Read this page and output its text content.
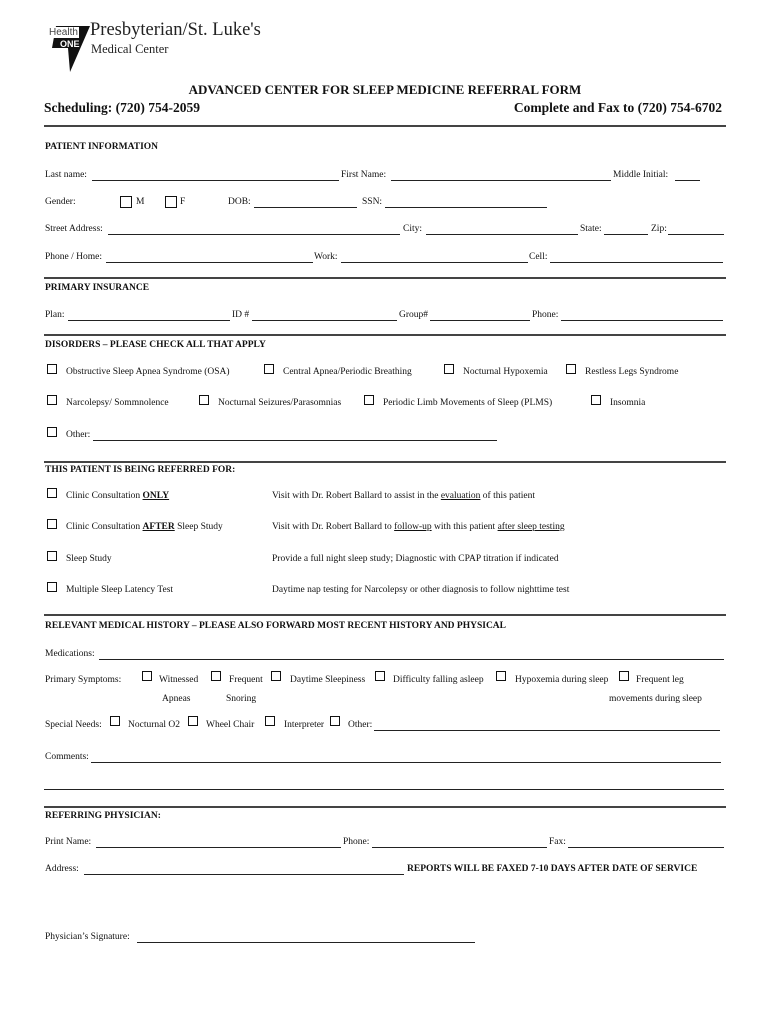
Health
ONE
Presbyterian/St. Luke's
Medical Center
ADVANCED CENTER FOR SLEEP MEDICINE REFERRAL FORM
Scheduling: (720) 754-2059	Complete and Fax to (720) 754-6702
PATIENT INFORMATION
Last name:	First Name:	Middle Initial:
Gender:	M	F	DOB:	SSN:
Street Address:	City:	State:	Zip:
Phone / Home:	Work:	Cell:
PRIMARY INSURANCE
Plan:	ID #	Group#	Phone:
DISORDERS – PLEASE CHECK ALL THAT APPLY
Obstructive Sleep Apnea Syndrome (OSA)	Central Apnea/Periodic Breathing	Nocturnal Hypoxemia	Restless Legs Syndrome
Narcolepsy/ Sommnolence	Nocturnal Seizures/Parasomnias	Periodic Limb Movements of Sleep (PLMS)	Insomnia
Other:
THIS PATIENT IS BEING REFERRED FOR:
Clinic Consultation ONLY	Visit with Dr. Robert Ballard to assist in the evaluation of this patient
Clinic Consultation AFTER Sleep Study	Visit with Dr. Robert Ballard to follow-up with this patient after sleep testing
Sleep Study	Provide a full night sleep study; Diagnostic with CPAP titration if indicated
Multiple Sleep Latency Test	Daytime nap testing for Narcolepsy or other diagnosis to follow nighttime test
RELEVANT MEDICAL HISTORY – PLEASE ALSO FORWARD MOST RECENT HISTORY AND PHYSICAL
Medications:
Primary Symptoms:	Witnessed
Apneas
Frequent
Snoring
Daytime Sleepiness	Difficulty falling asleep	Hypoxemia during sleep	Frequent leg
movements during sleep
Special Needs:	Nocturnal O2	Wheel Chair	Interpreter	Other:
Comments:
REFERRING PHYSICIAN:
Print Name:	Phone:	Fax:
Address:	REPORTS WILL BE FAXED 7-10 DAYS AFTER DATE OF SERVICE
Physician’s Signature:
